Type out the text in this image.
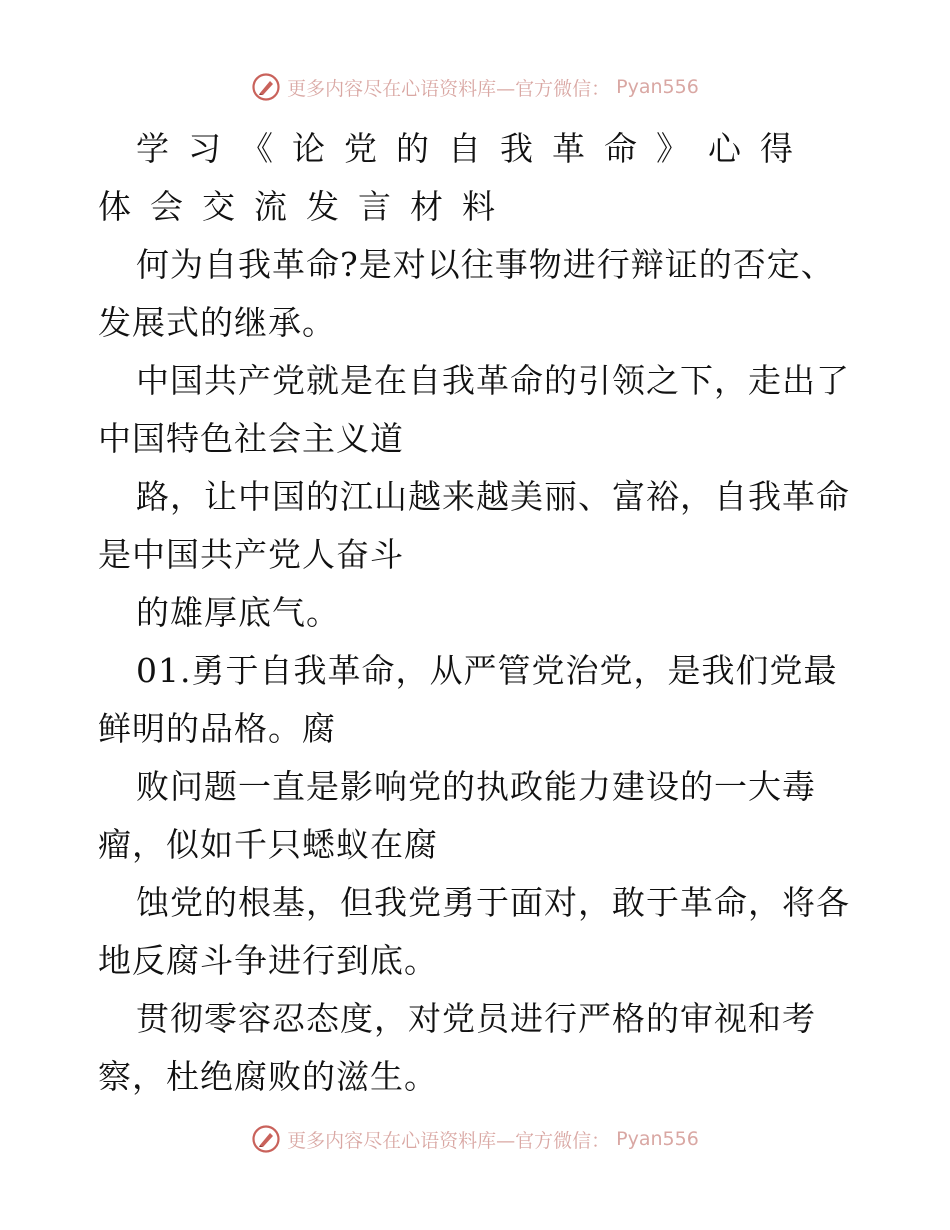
更多内容尽在心语资料库—官方微信： Pyan556

学习《论党的自我革命》心得体会交流发言材料

何为自我革命?是对以往事物进行辩证的否定、发展式的继承。

中国共产党就是在自我革命的引领之下，走出了中国特色社会主义道

路，让中国的江山越来越美丽、富裕，自我革命是中国共产党人奋斗

的雄厚底气。

01.勇于自我革命，从严管党治党，是我们党最鲜明的品格。腐

败问题一直是影响党的执政能力建设的一大毒瘤，似如千只蟋蚁在腐

蚀党的根基，但我党勇于面对，敢于革命，将各地反腐斗争进行到底。

贯彻零容忍态度，对党员进行严格的审视和考察，杜绝腐败的滋生。

更多内容尽在心语资料库—官方微信： Pyan556
